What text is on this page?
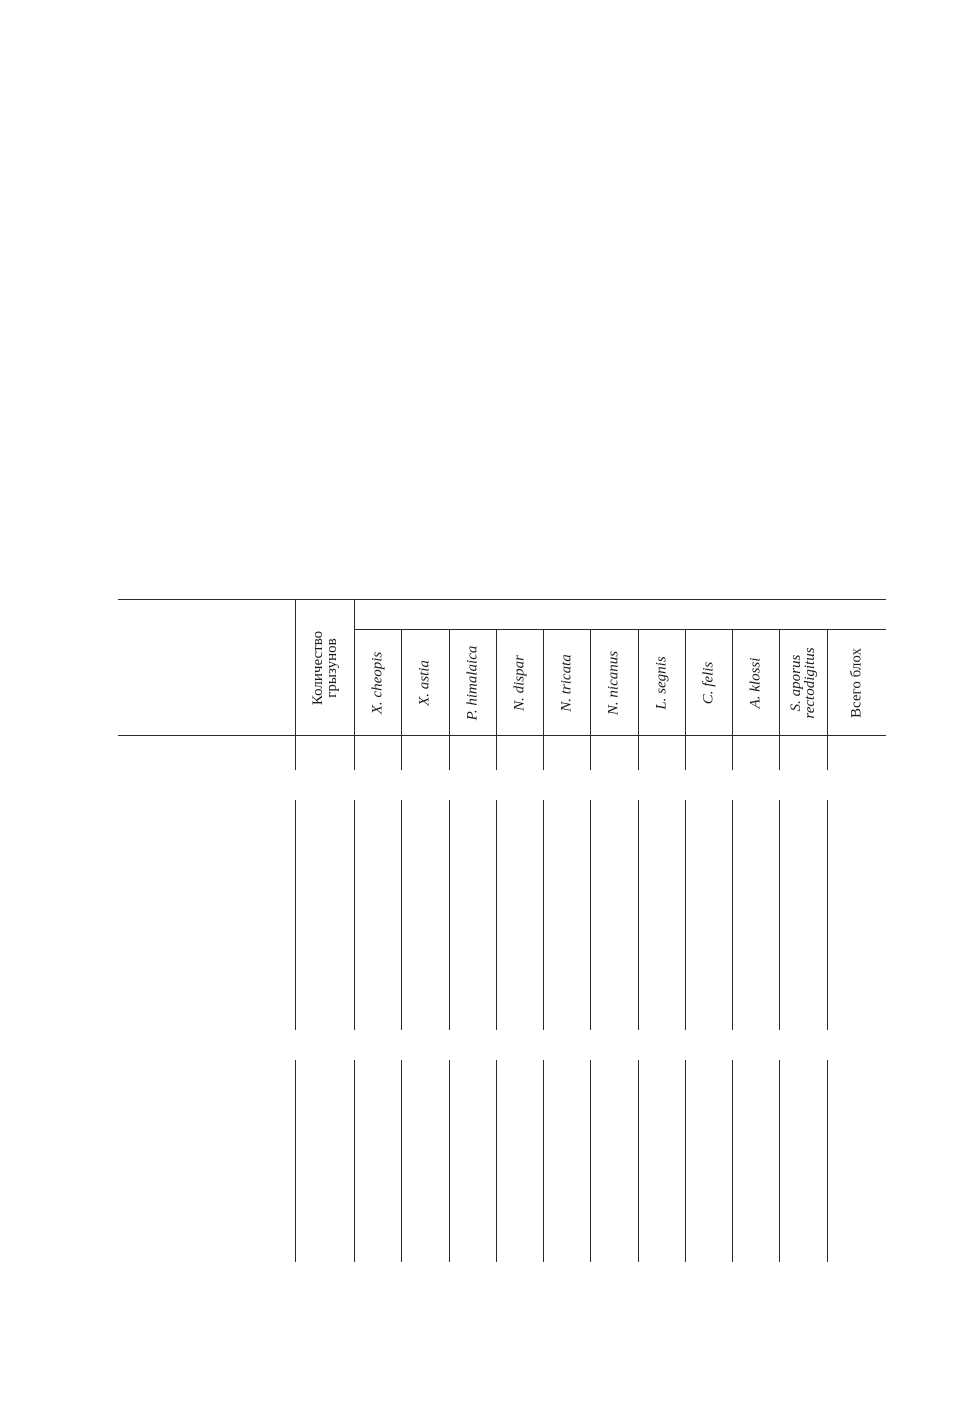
Количество грызунов X. cheopis X. astia P. himalaica N. dispar N. tricata N. nicanus L. segnis C. felis A. klossi S. aporus rectodigitus Всего блох
